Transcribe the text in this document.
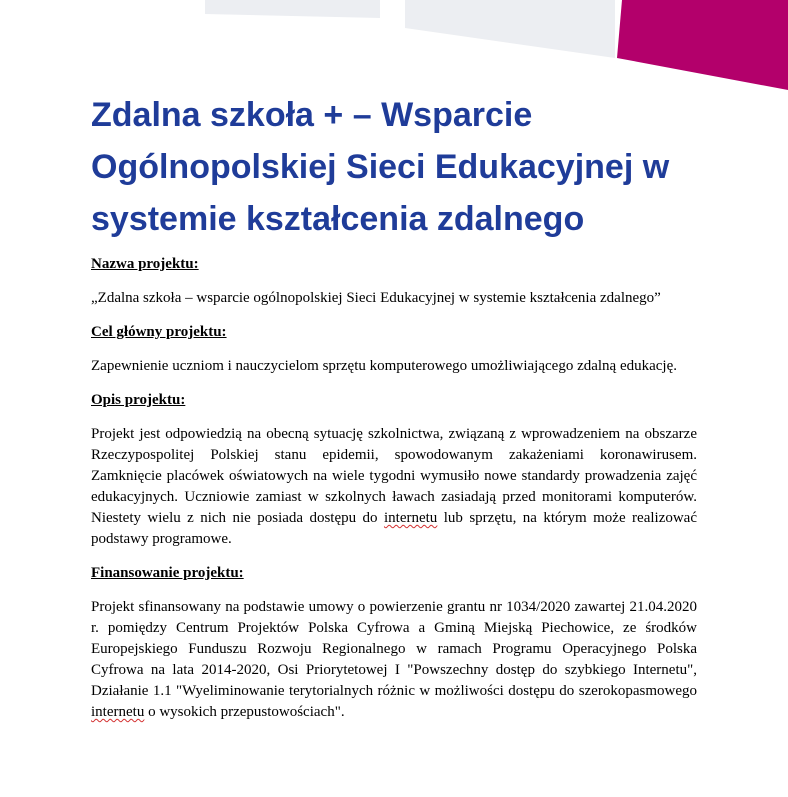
Zdalna szkoła + – Wsparcie Ogólnopolskiej Sieci Edukacyjnej w systemie kształcenia zdalnego

Nazwa projektu:

„Zdalna szkoła – wsparcie ogólnopolskiej Sieci Edukacyjnej w systemie kształcenia zdalnego”

Cel główny projektu:

Zapewnienie uczniom i nauczycielom sprzętu komputerowego umożliwiającego zdalną edukację.

Opis projektu:

Projekt jest odpowiedzią na obecną sytuację szkolnictwa, związaną z wprowadzeniem na obszarze Rzeczypospolitej Polskiej stanu epidemii, spowodowanym zakażeniami koronawirusem. Zamknięcie placówek oświatowych na wiele tygodni wymusiło nowe standardy prowadzenia zajęć edukacyjnych. Uczniowie zamiast w szkolnych ławach zasiadają przed monitorami komputerów. Niestety wielu z nich nie posiada dostępu do internetu lub sprzętu, na którym może realizować podstawy programowe.

Finansowanie projektu:

Projekt sfinansowany na podstawie umowy o powierzenie grantu nr 1034/2020 zawartej 21.04.2020 r. pomiędzy Centrum Projektów Polska Cyfrowa a Gminą Miejską Piechowice, ze środków Europejskiego Funduszu Rozwoju Regionalnego w ramach Programu Operacyjnego Polska Cyfrowa na lata 2014-2020, Osi Priorytetowej I "Powszechny dostęp do szybkiego Internetu", Działanie 1.1 "Wyeliminowanie terytorialnych różnic w możliwości dostępu do szerokopasmowego internetu o wysokich przepustowościach".
